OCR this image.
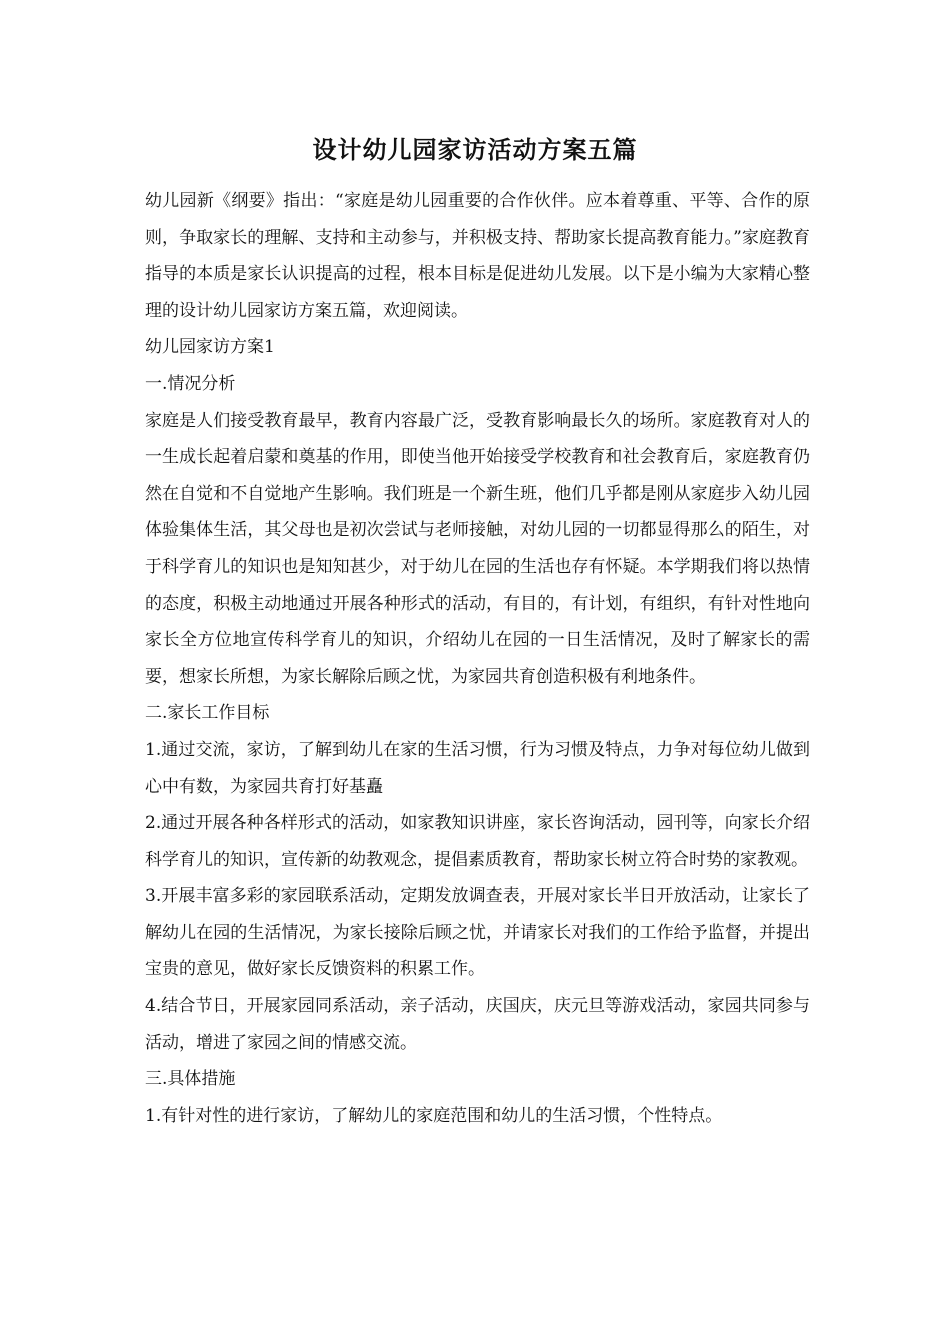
设计幼儿园家访活动方案五篇

幼儿园新《纲要》指出：“家庭是幼儿园重要的合作伙伴。应本着尊重、平等、合作的原则，争取家长的理解、支持和主动参与，并积极支持、帮助家长提高教育能力。”家庭教育指导的本质是家长认识提高的过程，根本目标是促进幼儿发展。以下是小编为大家精心整理的设计幼儿园家访方案五篇，欢迎阅读。

幼儿园家访方案1

一.情况分析

家庭是人们接受教育最早，教育内容最广泛，受教育影响最长久的场所。家庭教育对人的一生成长起着启蒙和奠基的作用，即使当他开始接受学校教育和社会教育后，家庭教育仍然在自觉和不自觉地产生影响。我们班是一个新生班，他们几乎都是刚从家庭步入幼儿园体验集体生活，其父母也是初次尝试与老师接触，对幼儿园的一切都显得那么的陌生，对于科学育儿的知识也是知知甚少，对于幼儿在园的生活也存有怀疑。本学期我们将以热情的态度，积极主动地通过开展各种形式的活动，有目的，有计划，有组织，有针对性地向家长全方位地宣传科学育儿的知识，介绍幼儿在园的一日生活情况，及时了解家长的需要，想家长所想，为家长解除后顾之忧，为家园共育创造积极有利地条件。

二.家长工作目标

1.通过交流，家访，了解到幼儿在家的生活习惯，行为习惯及特点，力争对每位幼儿做到心中有数，为家园共育打好基矗

2.通过开展各种各样形式的活动，如家教知识讲座，家长咨询活动，园刊等，向家长介绍科学育儿的知识，宣传新的幼教观念，提倡素质教育，帮助家长树立符合时势的家教观。

3.开展丰富多彩的家园联系活动，定期发放调查表，开展对家长半日开放活动，让家长了解幼儿在园的生活情况，为家长接除后顾之忧，并请家长对我们的工作给予监督，并提出宝贵的意见，做好家长反馈资料的积累工作。

4.结合节日，开展家园同系活动，亲子活动，庆国庆，庆元旦等游戏活动，家园共同参与活动，增进了家园之间的情感交流。

三.具体措施

1.有针对性的进行家访，了解幼儿的家庭范围和幼儿的生活习惯，个性特点。
